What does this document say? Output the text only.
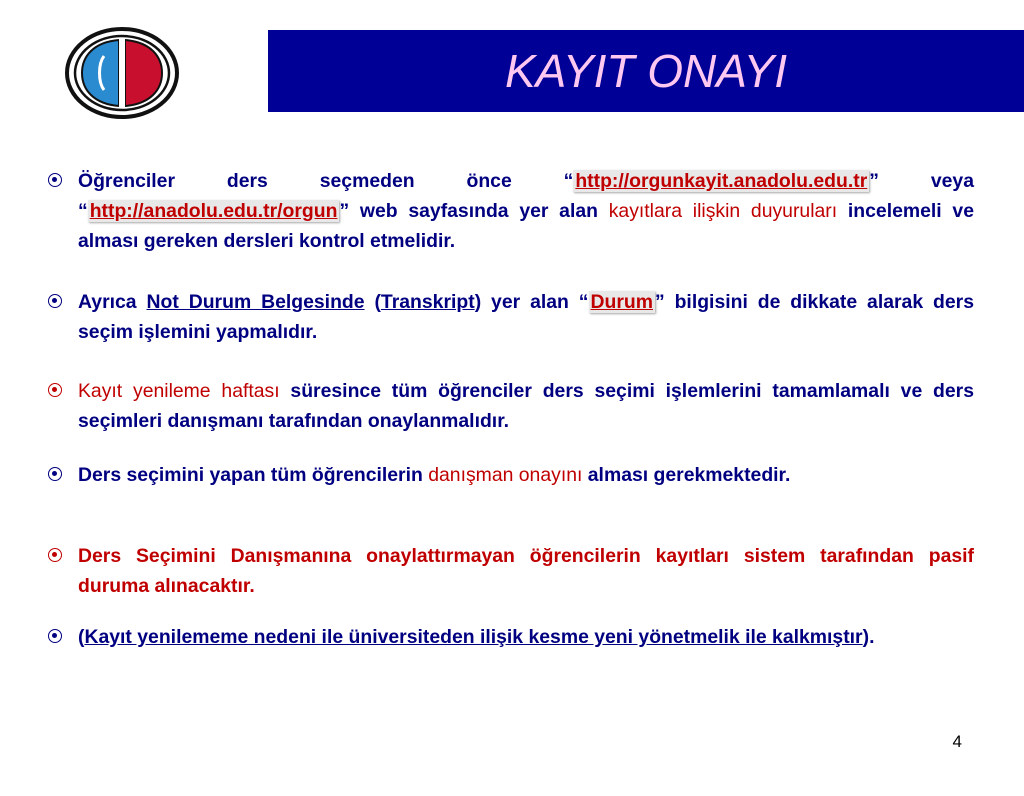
KAYIT ONAYI

Öğrenciler ders seçmeden önce “ http://orgunkayit.anadolu.edu.tr ” veya “ http://anadolu.edu.tr/orgun ” web sayfasında yer alan kayıtlara ilişkin duyuruları incelemeli ve alması gereken dersleri kontrol etmelidir.

Ayrıca Not Durum Belgesinde (Transkript) yer alan “ Durum ” bilgisini de dikkate alarak ders seçim işlemini yapmalıdır.

Kayıt yenileme haftası süresince tüm öğrenciler ders seçimi işlemlerini tamamlamalı ve ders seçimleri danışmanı tarafından onaylanmalıdır.

Ders seçimini yapan tüm öğrencilerin danışman onayını alması gerekmektedir.

Ders Seçimini Danışmanına onaylattırmayan öğrencilerin kayıtları sistem tarafından pasif duruma alınacaktır.

(Kayıt yenilememe nedeni ile üniversiteden ilişik kesme yeni yönetmelik ile kalkmıştır).

4
